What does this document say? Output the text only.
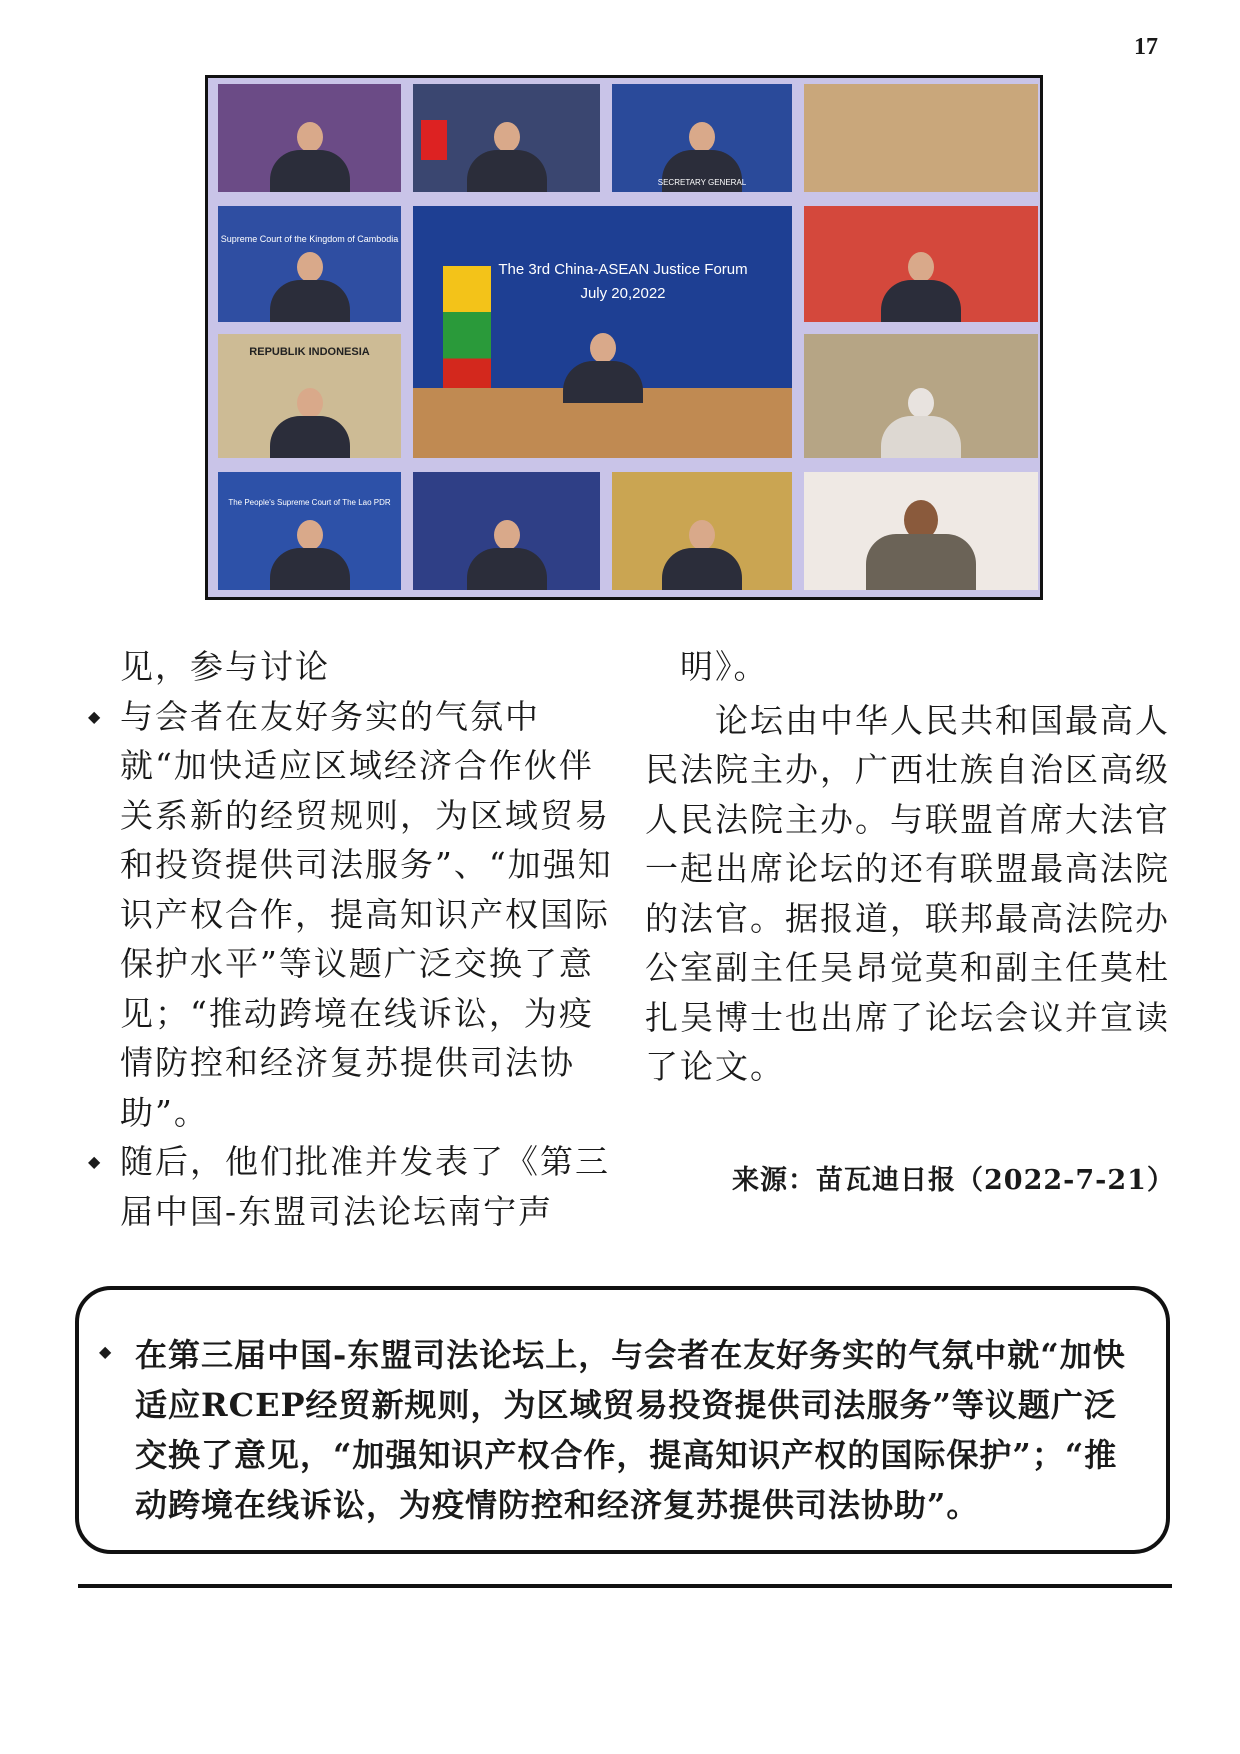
17
SECRETARY GENERAL
Supreme Court of the Kingdom of Cambodia
The 3rd China-ASEAN Justice Forum
July 20,2022
REPUBLIK INDONESIA
The People's Supreme Court of The Lao PDR

见，参与讨论

◆ 与会者在友好务实的气氛中就“加快适应区域经济合作伙伴关系新的经贸规则，为区域贸易和投资提供司法服务”、“加强知识产权合作，提高知识产权国际保护水平”等议题广泛交换了意见；“推动跨境在线诉讼，为疫情防控和经济复苏提供司法协助”。

◆ 随后，他们批准并发表了《第三届中国-东盟司法论坛南宁声

明》。

论坛由中华人民共和国最高人民法院主办，广西壮族自治区高级人民法院主办。与联盟首席大法官一起出席论坛的还有联盟最高法院的法官。据报道，联邦最高法院办公室副主任吴昂觉莫和副主任莫杜扎吴博士也出席了论坛会议并宣读了论文。

来源：苗瓦迪日报（2022-7-21）
◆ 在第三届中国-东盟司法论坛上，与会者在友好务实的气氛中就“加快适应RCEP经贸新规则，为区域贸易投资提供司法服务”等议题广泛交换了意见，“加强知识产权合作，提高知识产权的国际保护”；“推动跨境在线诉讼，为疫情防控和经济复苏提供司法协助”。
